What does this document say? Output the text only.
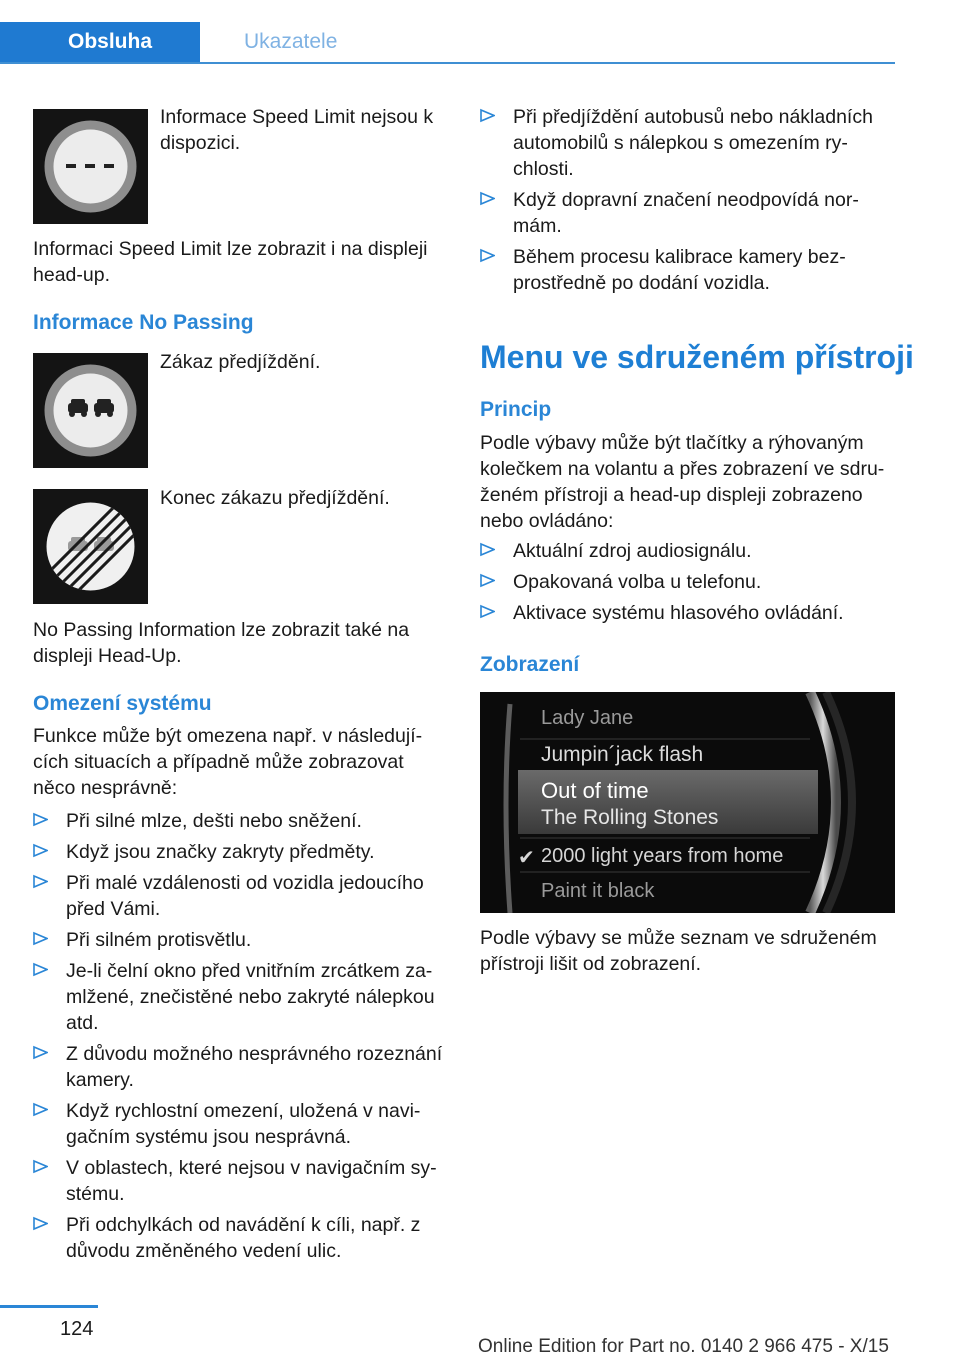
Obsluha	Ukazatele

Informace Speed Limit nejsou k dispozici.

Informaci Speed Limit lze zobrazit i na displeji head-up.

Informace No Passing

Zákaz předjíždění.

Konec zákazu předjíždění.

No Passing Information lze zobrazit také na displeji Head-Up.

Omezení systému

Funkce může být omezena např. v následují‐cích situacích a případně může zobrazovat něco nesprávně:

Při silné mlze, dešti nebo sněžení.
Když jsou značky zakryty předměty.
Při malé vzdálenosti od vozidla jedoucího před Vámi.
Při silném protisvětlu.
Je-li čelní okno před vnitřním zrcátkem za‐mlžené, znečistěné nebo zakryté nálepkou atd.
Z důvodu možného nesprávného rozeznání kamery.
Když rychlostní omezení, uložená v navi‐gačním systému jsou nesprávná.
V oblastech, které nejsou v navigačním sy‐stému.
Při odchylkách od navádění k cíli, např. z důvodu změněného vedení ulic.
Při předjíždění autobusů nebo nákladních automobilů s nálepkou s omezením ry‐chlosti.
Když dopravní značení neodpovídá nor‐mám.
Během procesu kalibrace kamery bez‐prostředně po dodání vozidla.
Menu ve sdruženém přístroji
Princip

Podle výbavy může být tlačítky a rýhovaným kolečkem na volantu a přes zobrazení ve sdru‐ženém přístroji a head-up displeji zobrazeno nebo ovládáno:

Aktuální zdroj audiosignálu.
Opakovaná volba u telefonu.
Aktivace systému hlasového ovládání.
Zobrazení
Lady Jane
Jumpin´jack flash
Out of time
The Rolling Stones
✔ 2000 light years from home
Paint it black

Podle výbavy se může seznam ve sdruženém přístroji lišit od zobrazení.

124
Online Edition for Part no. 0140 2 966 475 - X/15
